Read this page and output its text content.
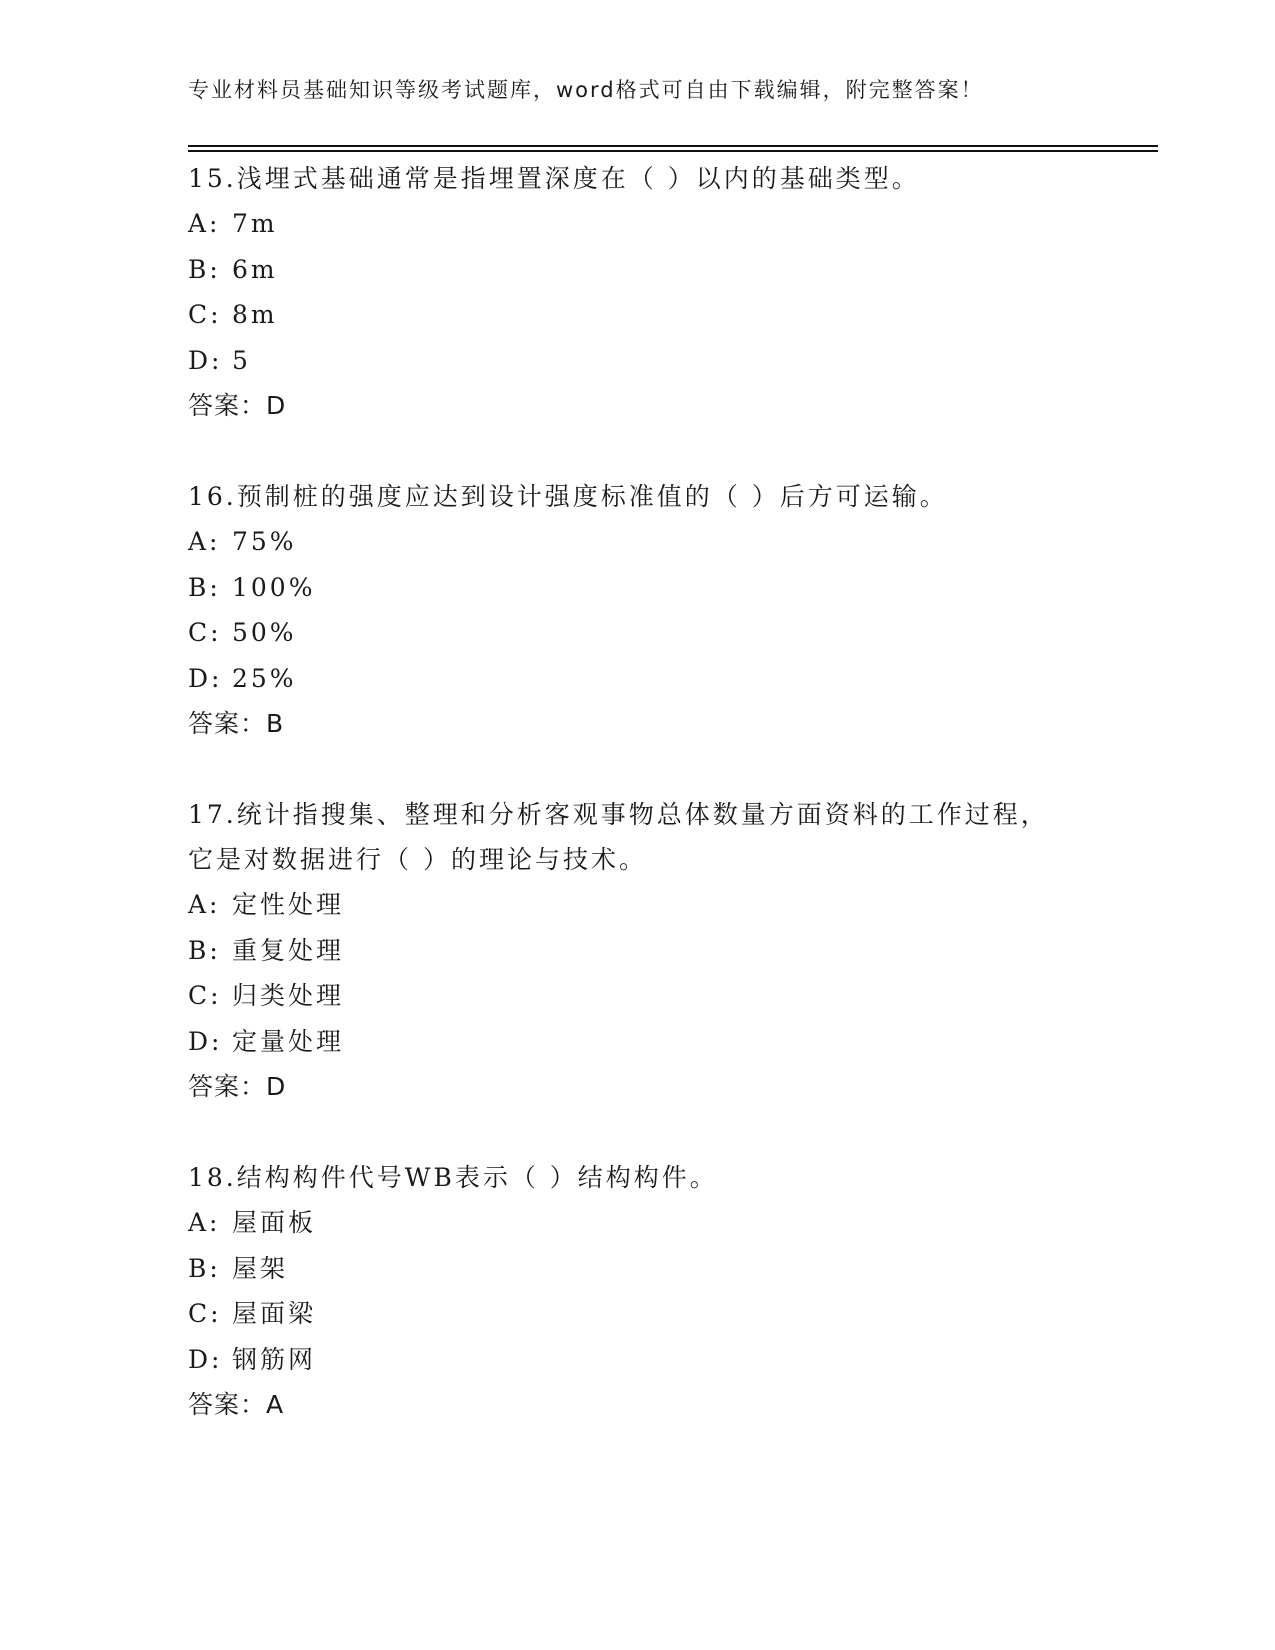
专业材料员基础知识等级考试题库，word格式可自由下载编辑，附完整答案！
15.浅埋式基础通常是指埋置深度在（ ）以内的基础类型。
A: 7m
B: 6m
C: 8m
D: 5
答案：D
16.预制桩的强度应达到设计强度标准值的（ ）后方可运输。
A: 75%
B: 100%
C: 50%
D: 25%
答案：B
17.统计指搜集、整理和分析客观事物总体数量方面资料的工作过程，
它是对数据进行（ ）的理论与技术。
A: 定性处理
B: 重复处理
C: 归类处理
D: 定量处理
答案：D
18.结构构件代号WB表示（ ）结构构件。
A: 屋面板
B: 屋架
C: 屋面梁
D: 钢筋网
答案：A
